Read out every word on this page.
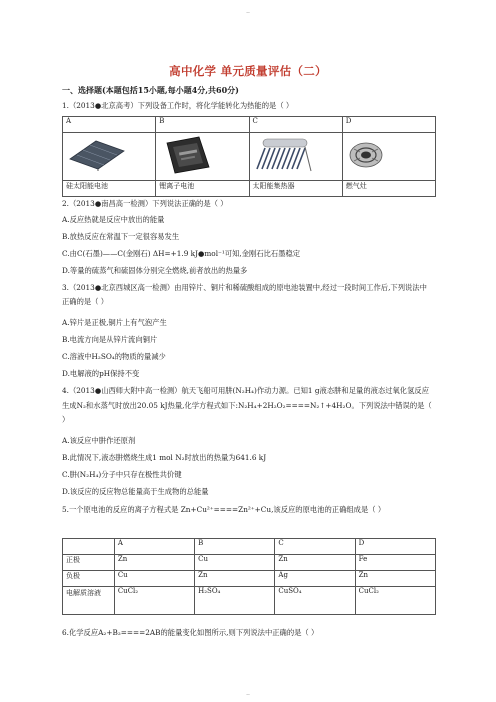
..
高中化学 单元质量评估（二）
一、选择题(本题包括15小题,每小题4分,共60分)
1.（2013●北京高考）下列设备工作时，将化学能转化为热能的是（ ）
A	B	C	D

硅太阳能电池	锂离子电池	太阳能集热器	燃气灶
2.（2013●南昌高一检测）下列说法正确的是（ ）
A.反应热就是反应中放出的能量
B.放热反应在常温下一定很容易发生
C.由C(石墨)——C(金刚石) ΔH=+1.9 kJ●mol⁻¹可知,金刚石比石墨稳定
D.等量的硫蒸气和硫固体分别完全燃烧,前者放出的热量多
3.（2013●北京西城区高一检测）由用锌片、铜片和稀硫酸组成的原电池装置中,经过一段时间工作后,下列说法中正确的是（ ）
A.锌片是正极,铜片上有气泡产生
B.电流方向是从锌片流向铜片
C.溶液中H₂SO₄的物质的量减少
D.电解液的pH保持不变
4.（2013●山西师大附中高一检测）航天飞船可用肼(N₂H₄)作动力源。已知1 g液态肼和足量的液态过氧化氢反应生成N₂和水蒸气时放出20.05 kJ热量,化学方程式如下:N₂H₄+2H₂O₂====N₂↑+4H₂O。下列说法中错误的是（ ）
A.该反应中肼作还原剂
B.此情况下,液态肼燃烧生成1 mol N₂时放出的热量为641.6 kJ
C.肼(N₂H₄)分子中只存在极性共价键
D.该反应的反应物总能量高于生成物的总能量
5.一个原电池的反应的离子方程式是 Zn+Cu²⁺====Zn²⁺+Cu,该反应的原电池的正确组成是（ ）
	A	B	C	D
正极	Zn	Cu	Zn	Fe
负极	Cu	Zn	Ag	Zn
电解质溶液	CuCl₂	H₂SO₄	CuSO₄	CuCl₂
6.化学反应A₂+B₂====2AB的能量变化如图所示,则下列说法中正确的是（ ）
..
